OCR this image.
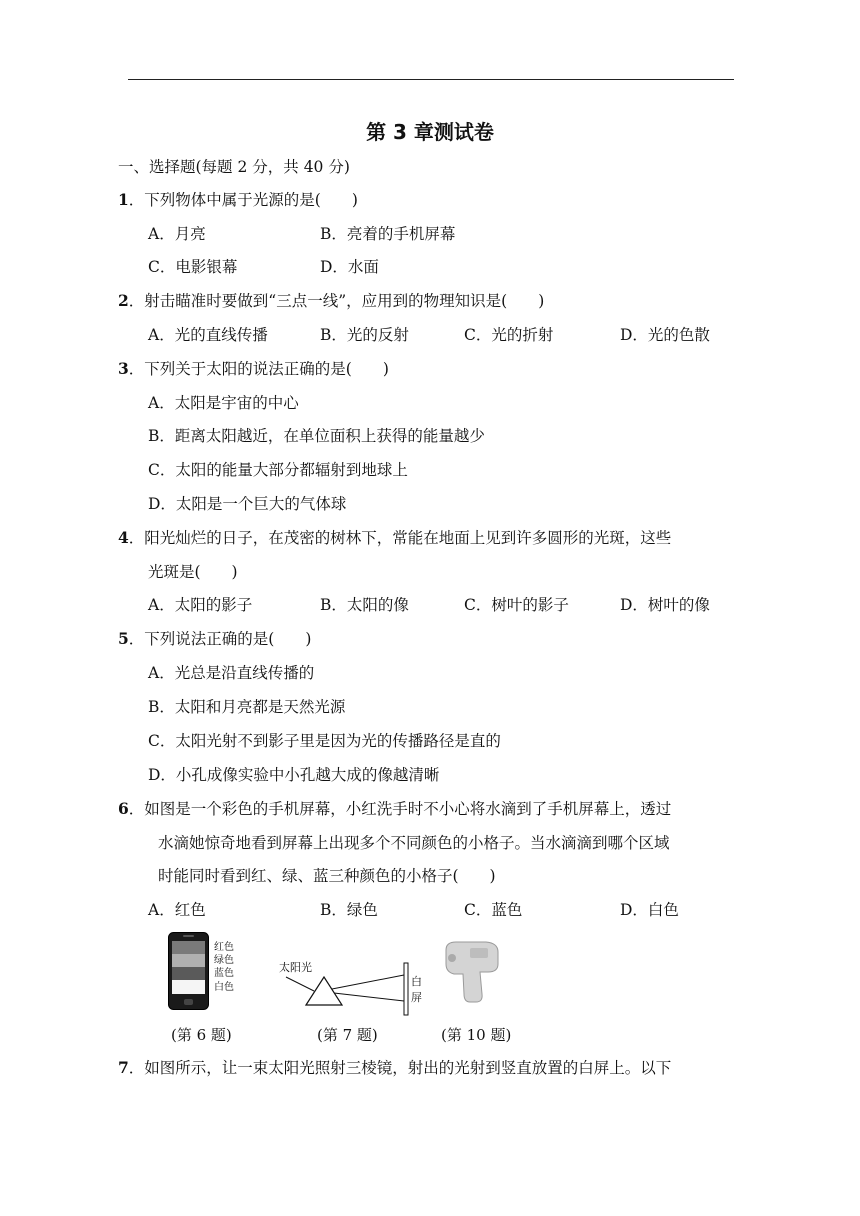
第 3 章测试卷
一、选择题(每题 2 分，共 40 分)
1．下列物体中属于光源的是(　　)
A．月亮	B．亮着的手机屏幕
C．电影银幕	D．水面
2．射击瞄准时要做到“三点一线”，应用到的物理知识是(　　)
A．光的直线传播	B．光的反射	C．光的折射	D．光的色散
3．下列关于太阳的说法正确的是(　　)
A．太阳是宇宙的中心
B．距离太阳越近，在单位面积上获得的能量越少
C．太阳的能量大部分都辐射到地球上
D．太阳是一个巨大的气体球
4．阳光灿烂的日子，在茂密的树林下，常能在地面上见到许多圆形的光斑，这些
光斑是(　　)
A．太阳的影子	B．太阳的像	C．树叶的影子	D．树叶的像
5．下列说法正确的是(　　)
A．光总是沿直线传播的
B．太阳和月亮都是天然光源
C．太阳光射不到影子里是因为光的传播路径是直的
D．小孔成像实验中小孔越大成的像越清晰
6．如图是一个彩色的手机屏幕，小红洗手时不小心将水滴到了手机屏幕上，透过
水滴她惊奇地看到屏幕上出现多个不同颜色的小格子。当水滴滴到哪个区域
时能同时看到红、绿、蓝三种颜色的小格子(　　)
A．红色	B．绿色	C．蓝色	D．白色
红色
绿色
蓝色
白色
太阳光
白
屏
(第 6 题)	(第 7 题)	(第 10 题)
7．如图所示，让一束太阳光照射三棱镜，射出的光射到竖直放置的白屏上。以下
